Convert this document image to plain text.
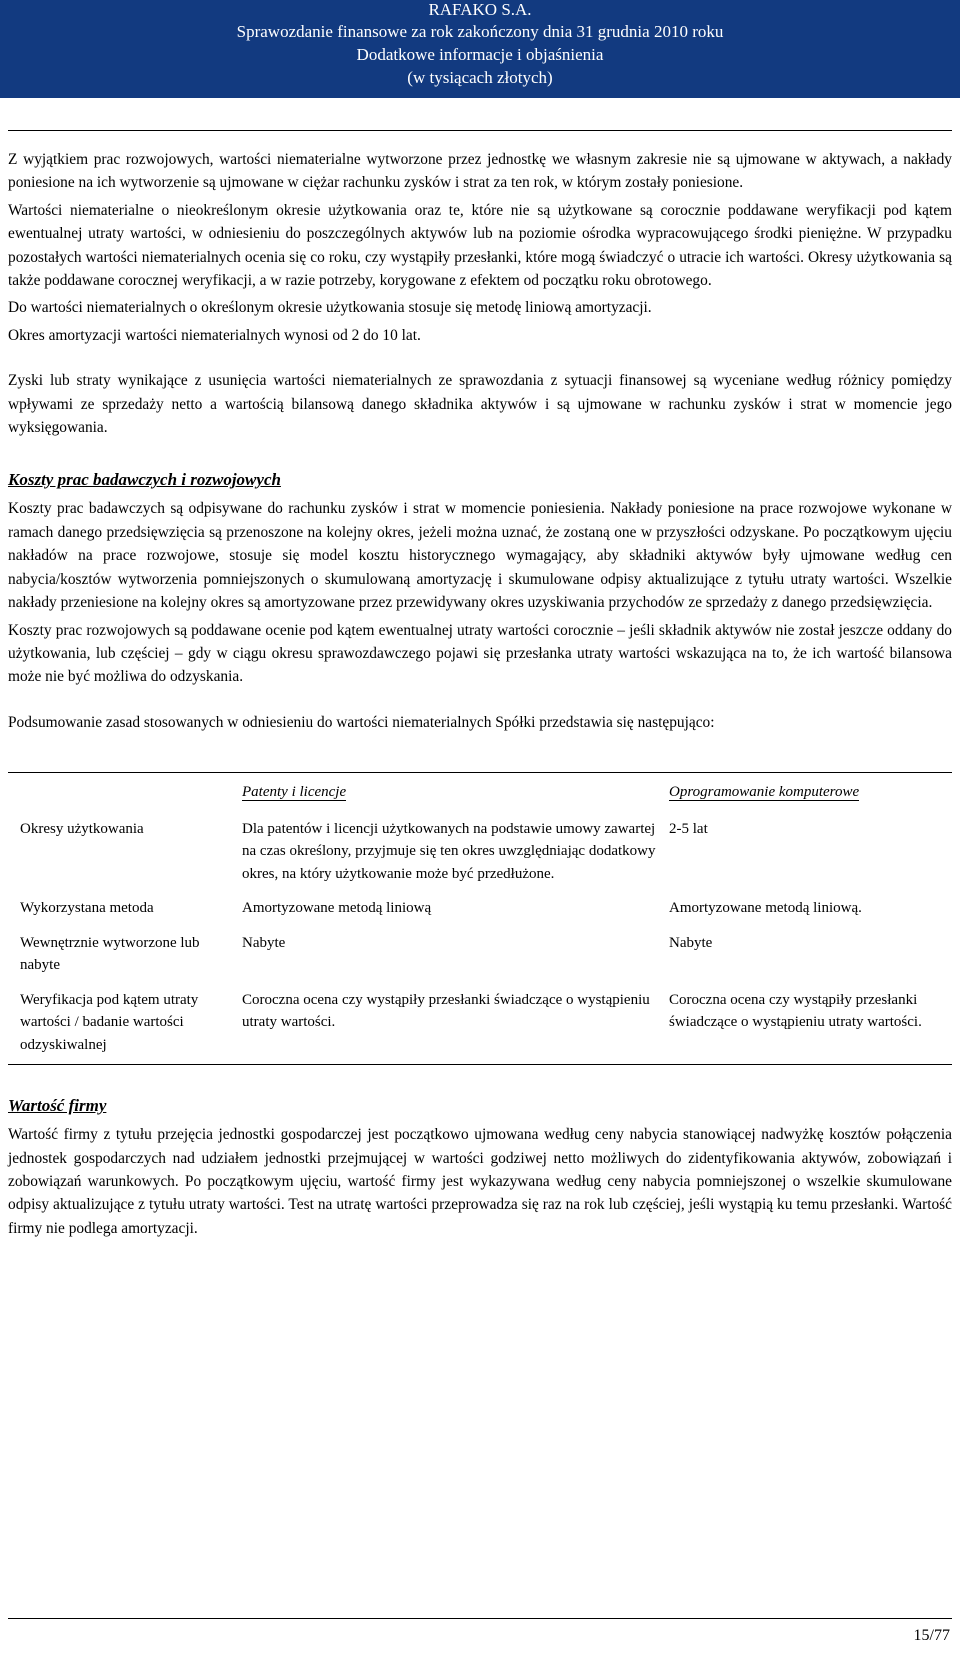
RAFAKO S.A.
Sprawozdanie finansowe za rok zakończony dnia 31 grudnia 2010 roku
Dodatkowe informacje i objaśnienia
(w tysiącach złotych)

Z wyjątkiem prac rozwojowych, wartości niematerialne wytworzone przez jednostkę we własnym zakresie nie są ujmowane w aktywach, a nakłady poniesione na ich wytworzenie są ujmowane w ciężar rachunku zysków i strat za ten rok, w którym zostały poniesione.

Wartości niematerialne o nieokreślonym okresie użytkowania oraz te, które nie są użytkowane są corocznie poddawane weryfikacji pod kątem ewentualnej utraty wartości, w odniesieniu do poszczególnych aktywów lub na poziomie ośrodka wypracowującego środki pieniężne. W przypadku pozostałych wartości niematerialnych ocenia się co roku, czy wystąpiły przesłanki, które mogą świadczyć o utracie ich wartości. Okresy użytkowania są także poddawane corocznej weryfikacji, a w razie potrzeby, korygowane z efektem od początku roku obrotowego.

Do wartości niematerialnych o określonym okresie użytkowania stosuje się metodę liniową amortyzacji.

Okres amortyzacji wartości niematerialnych wynosi od 2 do 10 lat.

Zyski lub straty wynikające z usunięcia wartości niematerialnych ze sprawozdania z sytuacji finansowej są wyceniane według różnicy pomiędzy wpływami ze sprzedaży netto a wartością bilansową danego składnika aktywów i są ujmowane w rachunku zysków i strat w momencie jego wyksięgowania.

Koszty prac badawczych i rozwojowych

Koszty prac badawczych są odpisywane do rachunku zysków i strat w momencie poniesienia. Nakłady poniesione na prace rozwojowe wykonane w ramach danego przedsięwzięcia są przenoszone na kolejny okres, jeżeli można uznać, że zostaną one w przyszłości odzyskane. Po początkowym ujęciu nakładów na prace rozwojowe, stosuje się model kosztu historycznego wymagający, aby składniki aktywów były ujmowane według cen nabycia/kosztów wytworzenia pomniejszonych o skumulowaną amortyzację i skumulowane odpisy aktualizujące z tytułu utraty wartości. Wszelkie nakłady przeniesione na kolejny okres są amortyzowane przez przewidywany okres uzyskiwania przychodów ze sprzedaży z danego przedsięwzięcia.

Koszty prac rozwojowych są poddawane ocenie pod kątem ewentualnej utraty wartości corocznie – jeśli składnik aktywów nie został jeszcze oddany do użytkowania, lub częściej – gdy w ciągu okresu sprawozdawczego pojawi się przesłanka utraty wartości wskazująca na to, że ich wartość bilansowa może nie być możliwa do odzyskania.

Podsumowanie zasad stosowanych w odniesieniu do wartości niematerialnych Spółki przedstawia się następująco:

	Patenty i licencje	Oprogramowanie komputerowe
Okresy użytkowania	Dla patentów i licencji użytkowanych na podstawie umowy zawartej na czas określony, przyjmuje się ten okres uwzględniając dodatkowy okres, na który użytkowanie może być przedłużone.	2-5 lat
Wykorzystana metoda	Amortyzowane metodą liniową	Amortyzowane metodą liniową.
Wewnętrznie wytworzone lub nabyte	Nabyte	Nabyte
Weryfikacja pod kątem utraty wartości / badanie wartości odzyskiwalnej	Coroczna ocena czy wystąpiły przesłanki świadczące o wystąpieniu utraty wartości.	Coroczna ocena czy wystąpiły przesłanki świadczące o wystąpieniu utraty wartości.
Wartość firmy

Wartość firmy z tytułu przejęcia jednostki gospodarczej jest początkowo ujmowana według ceny nabycia stanowiącej nadwyżkę kosztów połączenia jednostek gospodarczych nad udziałem jednostki przejmującej w wartości godziwej netto możliwych do zidentyfikowania aktywów, zobowiązań i zobowiązań warunkowych. Po początkowym ujęciu, wartość firmy jest wykazywana według ceny nabycia pomniejszonej o wszelkie skumulowane odpisy aktualizujące z tytułu utraty wartości. Test na utratę wartości przeprowadza się raz na rok lub częściej, jeśli wystąpią ku temu przesłanki. Wartość firmy nie podlega amortyzacji.

15/77
